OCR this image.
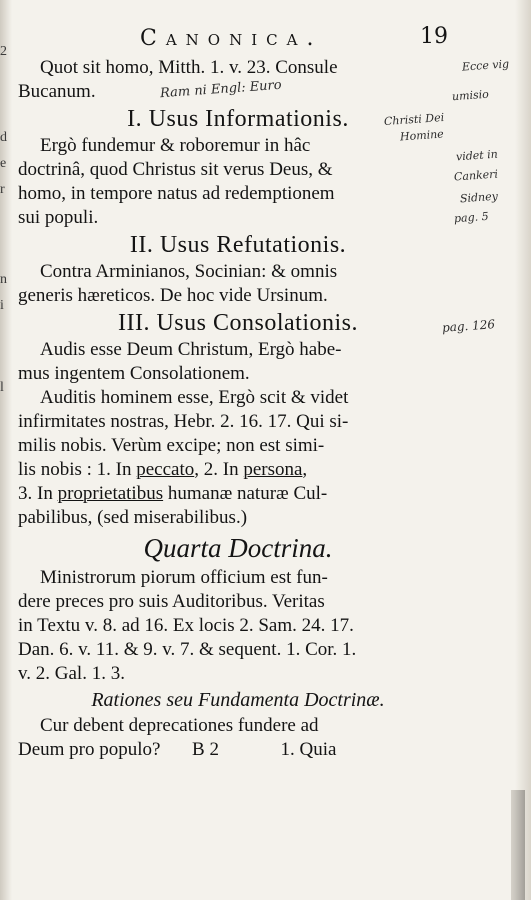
2
d
e
r
n
i
l
Canonica.	19
Quot sit homo, Mitth. 1. v. 23. Consule
Bucanum.
I. Usus Informationis.
Ergò fundemur & roboremur in hâc
doctrinâ, quod Christus sit verus Deus, &
homo, in tempore natus ad redemptionem
sui populi.
II. Usus Refutationis.
Contra Arminianos, Socinian: & omnis
generis hæreticos. De hoc vide Ursinum.
III. Usus Consolationis.
Audis esse Deum Christum, Ergò habe-
mus ingentem Consolationem.
Auditis hominem esse, Ergò scit & videt
infirmitates nostras, Hebr. 2. 16. 17. Qui si-
milis nobis. Verùm excipe; non est simi-
lis nobis : 1. In peccato, 2. In persona,
3. In proprietatibus humanæ naturæ Cul-
pabilibus, (sed miserabilibus.)
Quarta Doctrina.
Ministrorum piorum officium est fun-
dere preces pro suis Auditoribus. Veritas
in Textu v. 8. ad 16. Ex locis 2. Sam. 24. 17.
Dan. 6. v. 11. & 9. v. 7. & sequent. 1. Cor. 1.
v. 2. Gal. 1. 3.
Rationes seu Fundamenta Doctrinæ.
Cur debent deprecationes fundere ad
Deum pro populo? B 2	1. Quia
Ram ni Engl: Euro
Ecce vig
umisio
Christi Dei
Homine
videt in
Cankeri
Sidney
pag. 5
pag. 126
